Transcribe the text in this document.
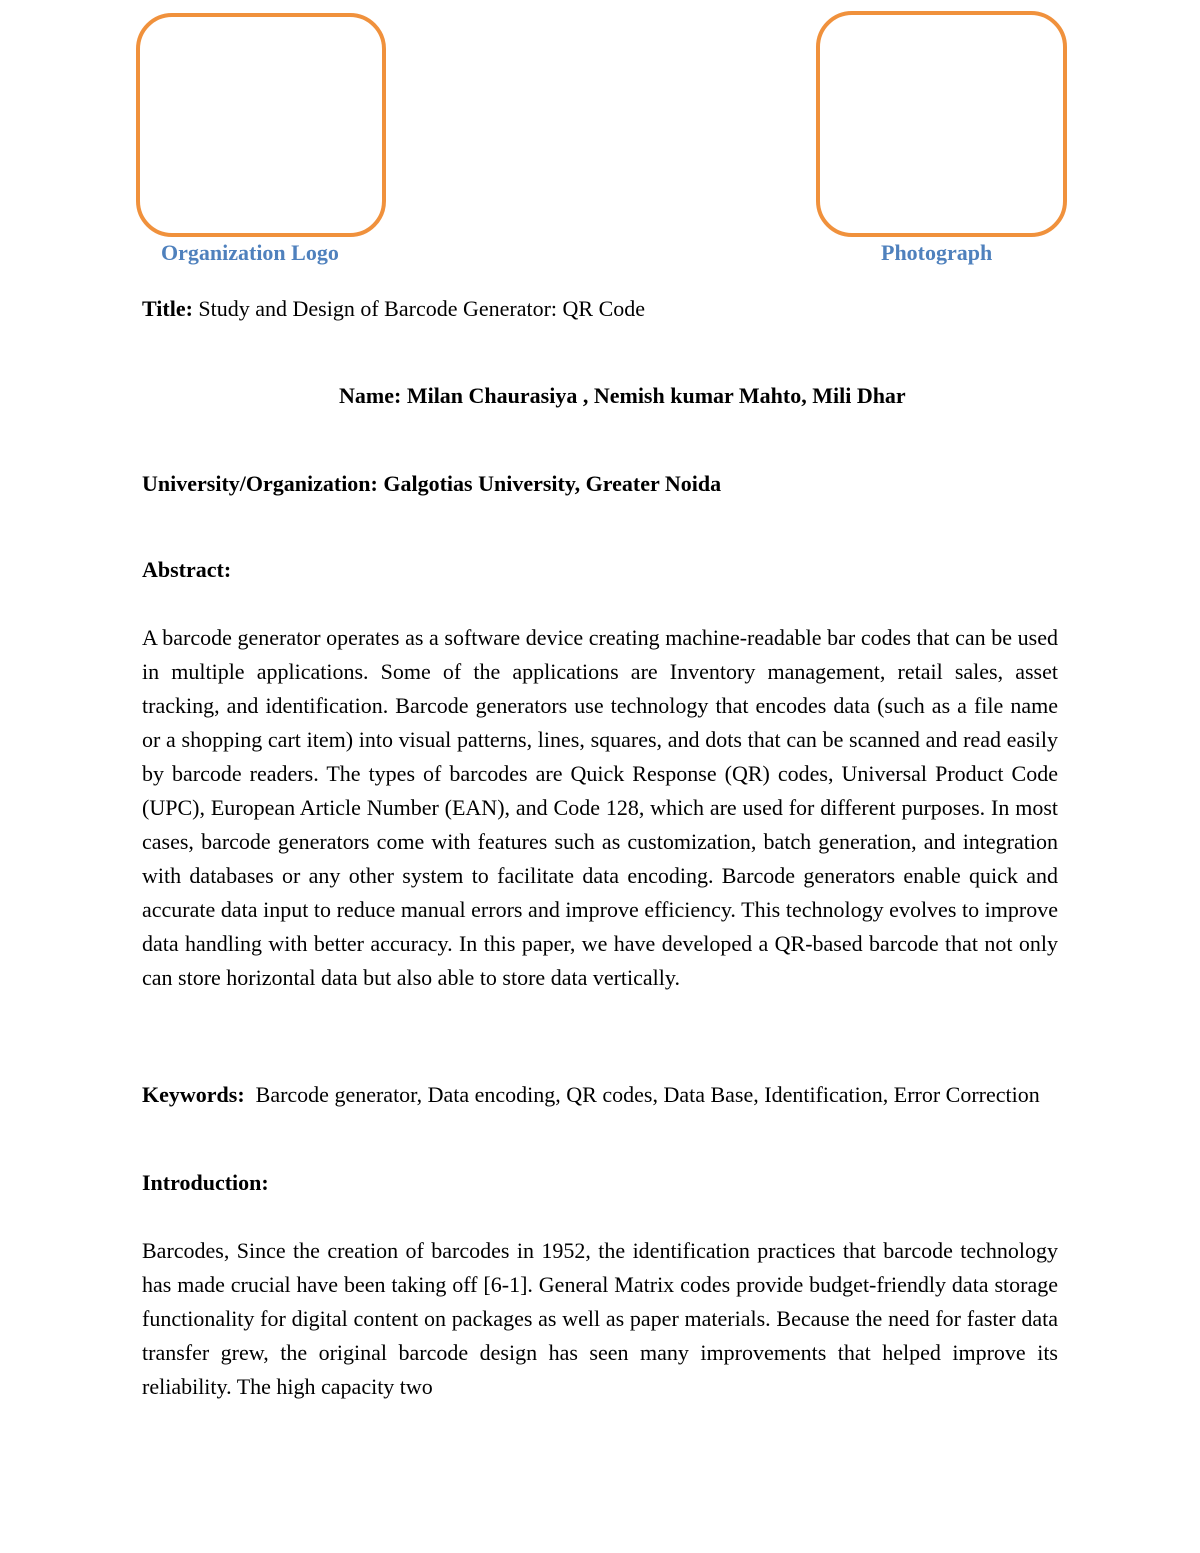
Organization Logo	Photograph
Title: Study and Design of Barcode Generator: QR Code
Name: Milan Chaurasiya , Nemish kumar Mahto, Mili Dhar
University/Organization: Galgotias University, Greater Noida
Abstract:

A barcode generator operates as a software device creating machine-readable bar codes that can be used in multiple applications. Some of the applications are Inventory management, retail sales, asset tracking, and identification. Barcode generators use technology that encodes data (such as a file name or a shopping cart item) into visual patterns, lines, squares, and dots that can be scanned and read easily by barcode readers. The types of barcodes are Quick Response (QR) codes, Universal Product Code (UPC), European Article Number (EAN), and Code 128, which are used for different purposes. In most cases, barcode generators come with features such as customization, batch generation, and integration with databases or any other system to facilitate data encoding. Barcode generators enable quick and accurate data input to reduce manual errors and improve efficiency. This technology evolves to improve data handling with better accuracy. In this paper, we have developed a QR-based barcode that not only can store horizontal data but also able to store data vertically.

Keywords: Barcode generator, Data encoding, QR codes, Data Base, Identification, Error Correction

Introduction:

Barcodes, Since the creation of barcodes in 1952, the identification practices that barcode technology has made crucial have been taking off [6-1]. General Matrix codes provide budget-friendly data storage functionality for digital content on packages as well as paper materials. Because the need for faster data transfer grew, the original barcode design has seen many improvements that helped improve its reliability. The high capacity two
